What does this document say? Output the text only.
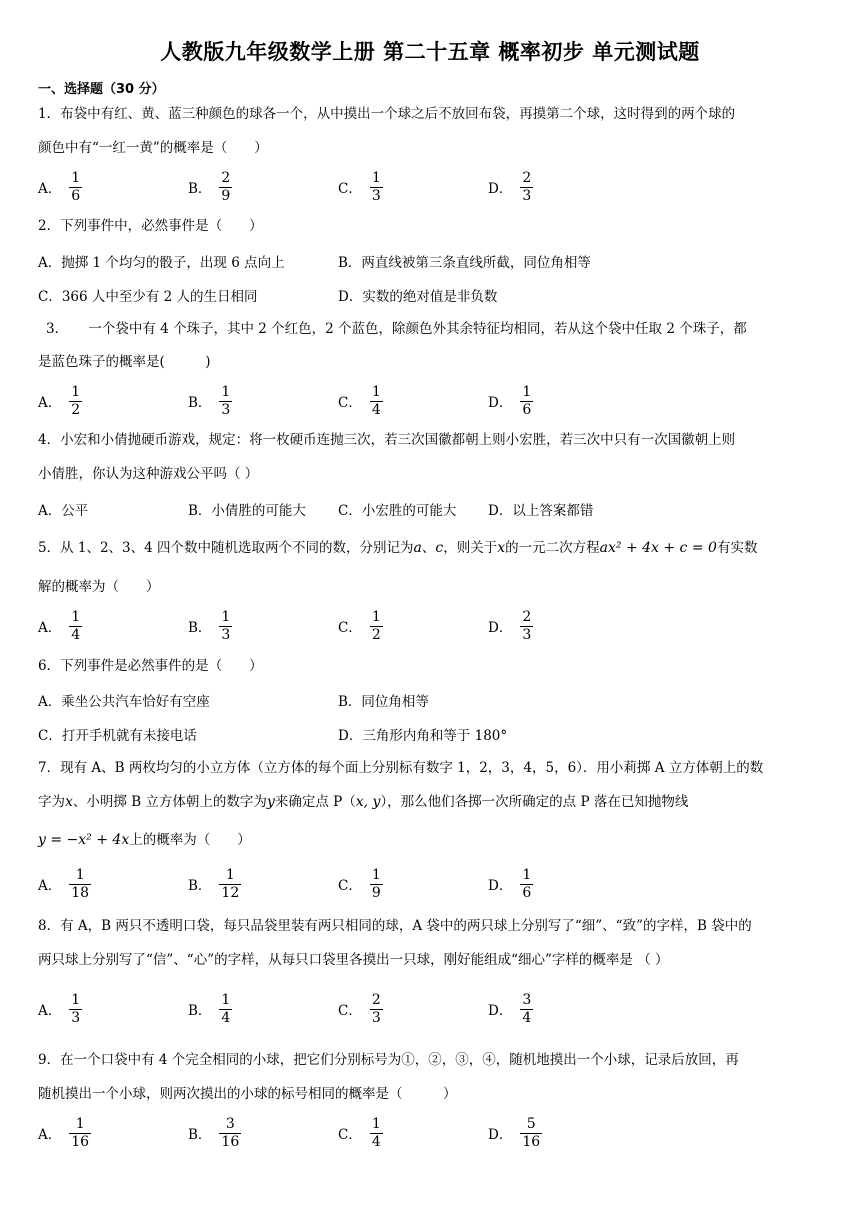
人教版九年级数学上册 第二十五章 概率初步 单元测试题
一、选择题（30 分）
1．布袋中有红、黄、蓝三种颜色的球各一个，从中摸出一个球之后不放回布袋，再摸第二个球，这时得到的两个球的
颜色中有“一红一黄”的概率是（　　）
A． $\frac{1}{6}$	B． $\frac{2}{9}$	C． $\frac{1}{3}$	D． $\frac{2}{3}$
2．下列事件中，必然事件是（　　）
A．抛掷 1 个均匀的骰子，出现 6 点向上	B．两直线被第三条直线所截，同位角相等
C．366 人中至少有 2 人的生日相同	D．实数的绝对值是非负数
3．　　一个袋中有 4 个珠子，其中 2 个红色，2 个蓝色，除颜色外其余特征均相同，若从这个袋中任取 2 个珠子，都
是蓝色珠子的概率是(　　　)
A． $\frac{1}{2}$	B． $\frac{1}{3}$	C． $\frac{1}{4}$	D． $\frac{1}{6}$
4．小宏和小倩抛硬币游戏，规定：将一枚硬币连抛三次，若三次国徽都朝上则小宏胜，若三次中只有一次国徽朝上则
小倩胜，你认为这种游戏公平吗（ ）
A．公平	B．小倩胜的可能大 C．小宏胜的可能大 D．以上答案都错
5．从 1、2、3、4 四个数中随机选取两个不同的数，分别记为a、c，则关于x的一元二次方程ax² + 4x + c = 0有实数
解的概率为（　　）
A． $\frac{1}{4}$	B． $\frac{1}{3}$	C． $\frac{1}{2}$	D． $\frac{2}{3}$
6．下列事件是必然事件的是（　　）
A．乘坐公共汽车恰好有空座	B．同位角相等
C．打开手机就有未接电话	D．三角形内角和等于 180°
7．现有 A、B 两枚均匀的小立方体（立方体的每个面上分别标有数字 1，2，3，4，5，6）．用小莉掷 A 立方体朝上的数
字为x、小明掷 B 立方体朝上的数字为y来确定点 P（x, y），那么他们各掷一次所确定的点 P 落在已知抛物线
y = −x² + 4x上的概率为（　　）
A． $\frac{1}{18}$	B． $\frac{1}{12}$	C． $\frac{1}{9}$	D． $\frac{1}{6}$
8．有 A，B 两只不透明口袋，每只品袋里装有两只相同的球，A 袋中的两只球上分别写了“细”、“致”的字样，B 袋中的
两只球上分别写了“信”、“心”的字样，从每只口袋里各摸出一只球，刚好能组成“细心”字样的概率是 （ ）
A． $\frac{1}{3}$	B． $\frac{1}{4}$	C． $\frac{2}{3}$	D． $\frac{3}{4}$
9．在一个口袋中有 4 个完全相同的小球，把它们分别标号为①，②，③，④，随机地摸出一个小球，记录后放回，再
随机摸出一个小球，则两次摸出的小球的标号相同的概率是（　　　）
A． $\frac{1}{16}$	B． $\frac{3}{16}$	C． $\frac{1}{4}$	D． $\frac{5}{16}$
